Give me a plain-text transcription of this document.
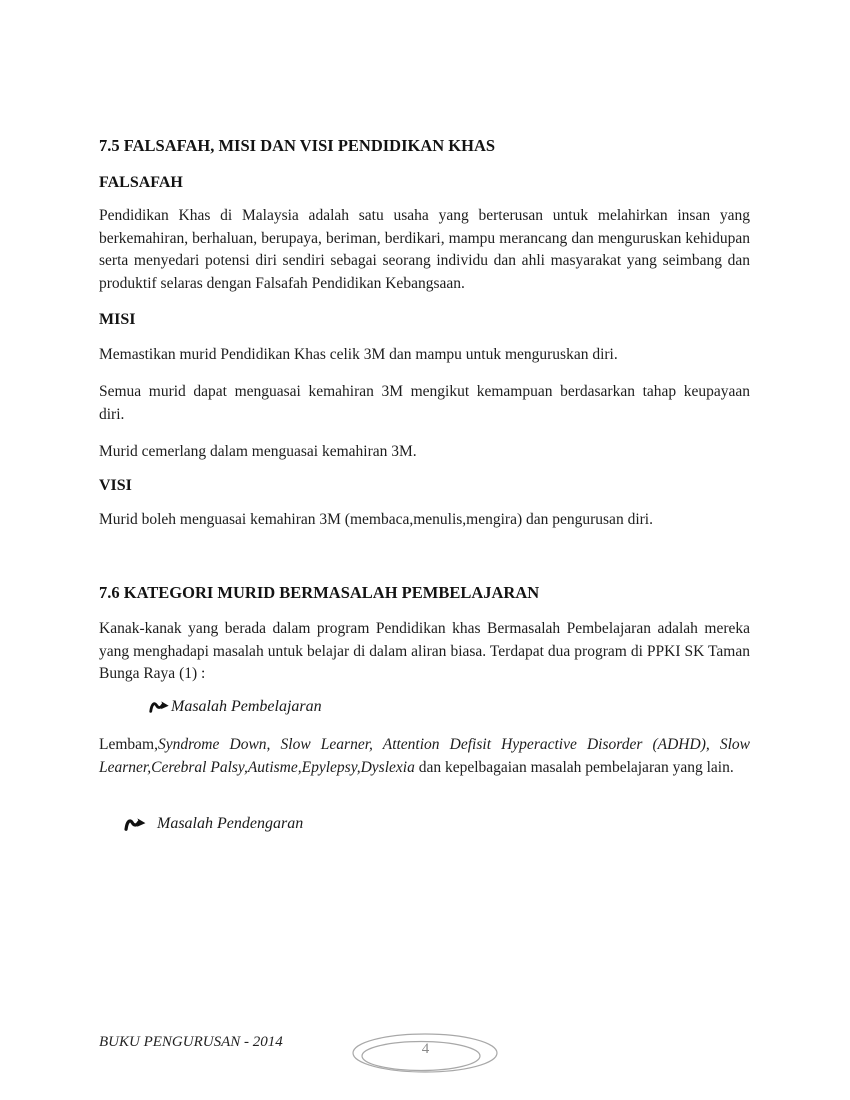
7.5 FALSAFAH, MISI DAN VISI PENDIDIKAN KHAS
FALSAFAH

Pendidikan Khas di Malaysia adalah satu usaha yang berterusan untuk melahirkan insan yang berkemahiran, berhaluan, berupaya, beriman, berdikari, mampu merancang dan menguruskan kehidupan serta menyedari potensi diri sendiri sebagai seorang individu dan ahli masyarakat yang seimbang dan produktif selaras dengan Falsafah Pendidikan Kebangsaan.

MISI

Memastikan murid Pendidikan Khas celik 3M dan mampu untuk menguruskan diri.

Semua murid dapat menguasai kemahiran 3M mengikut kemampuan berdasarkan tahap keupayaan diri.

Murid cemerlang dalam menguasai kemahiran 3M.

VISI

Murid boleh menguasai kemahiran 3M (membaca,menulis,mengira) dan pengurusan diri.

7.6 KATEGORI MURID BERMASALAH PEMBELAJARAN

Kanak-kanak yang berada dalam program Pendidikan khas Bermasalah Pembelajaran adalah mereka yang menghadapi masalah untuk belajar di dalam aliran biasa. Terdapat dua program di PPKI SK Taman Bunga Raya (1) :

Masalah Pembelajaran

Lembam,Syndrome Down, Slow Learner, Attention Defisit Hyperactive Disorder (ADHD), Slow Learner,Cerebral Palsy,Autisme,Epylepsy,Dyslexia dan kepelbagaian masalah pembelajaran yang lain.

Masalah Pendengaran
BUKU PENGURUSAN - 2014	4
